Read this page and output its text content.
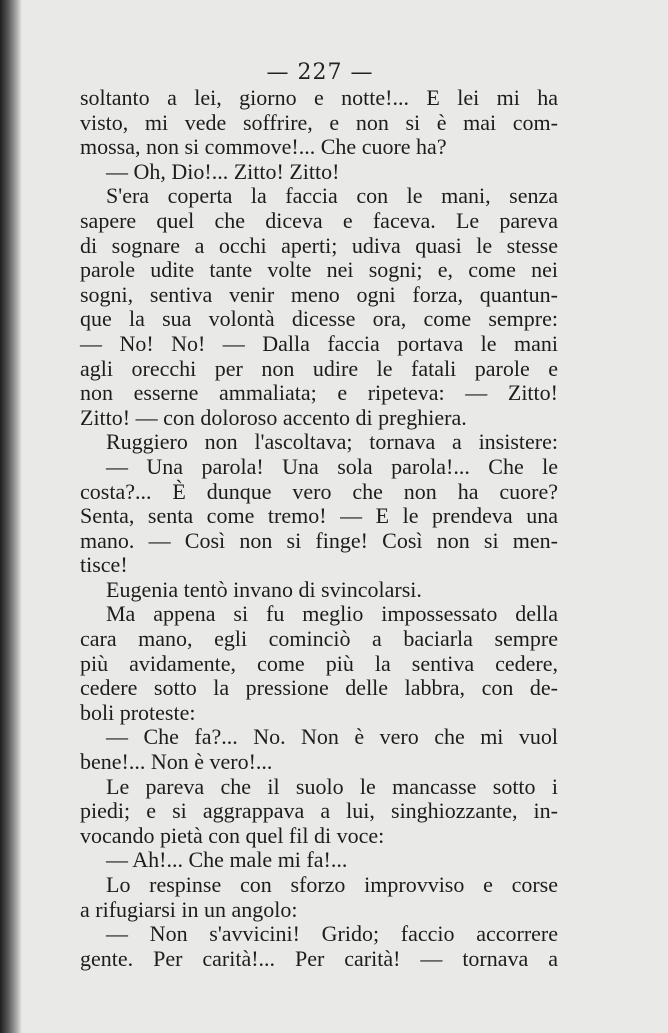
— 227 —
soltanto a lei, giorno e notte!... E lei mi ha
visto, mi vede soffrire, e non si è mai com-
mossa, non si commove!... Che cuore ha?
— Oh, Dio!... Zitto! Zitto!
S'era coperta la faccia con le mani, senza
sapere quel che diceva e faceva. Le pareva
di sognare a occhi aperti; udiva quasi le stesse
parole udite tante volte nei sogni; e, come nei
sogni, sentiva venir meno ogni forza, quantun-
que la sua volontà dicesse ora, come sempre:
— No! No! — Dalla faccia portava le mani
agli orecchi per non udire le fatali parole e
non esserne ammaliata; e ripeteva: — Zitto!
Zitto! — con doloroso accento di preghiera.
Ruggiero non l'ascoltava; tornava a insistere:
— Una parola! Una sola parola!... Che le
costa?... È dunque vero che non ha cuore?
Senta, senta come tremo! — E le prendeva una
mano. — Così non si finge! Così non si men-
tisce!
Eugenia tentò invano di svincolarsi.
Ma appena si fu meglio impossessato della
cara mano, egli cominciò a baciarla sempre
più avidamente, come più la sentiva cedere,
cedere sotto la pressione delle labbra, con de-
boli proteste:
— Che fa?... No. Non è vero che mi vuol
bene!... Non è vero!...
Le pareva che il suolo le mancasse sotto i
piedi; e si aggrappava a lui, singhiozzante, in-
vocando pietà con quel fil di voce:
— Ah!... Che male mi fa!...
Lo respinse con sforzo improvviso e corse
a rifugiarsi in un angolo:
— Non s'avvicini! Grido; faccio accorrere
gente. Per carità!... Per carità! — tornava a
